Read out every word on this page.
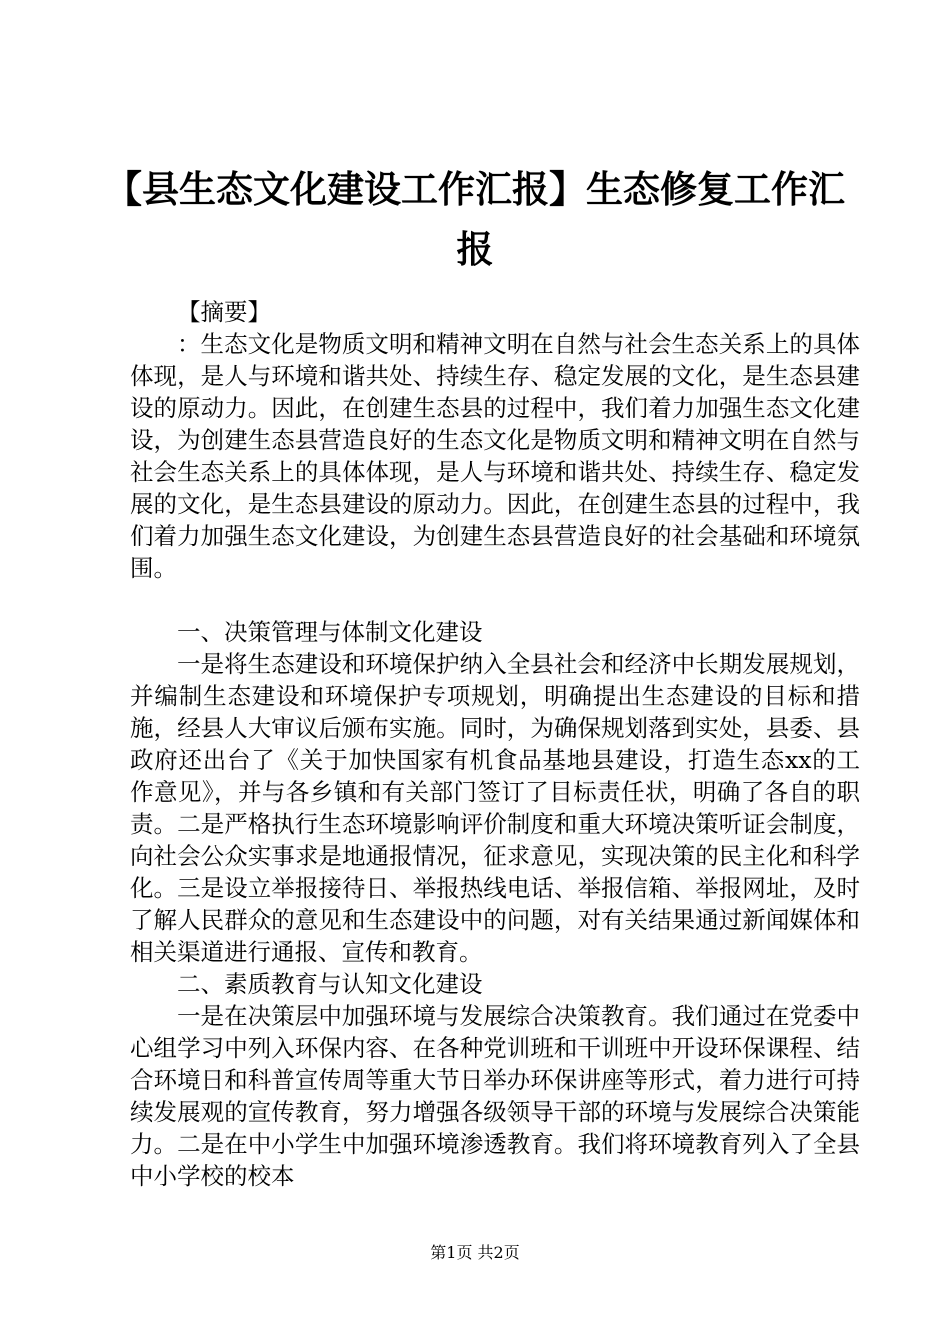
【县生态文化建设工作汇报】生态修复工作汇报

【摘要】

：生态文化是物质文明和精神文明在自然与社会生态关系上的具体体现，是人与环境和谐共处、持续生存、稳定发展的文化，是生态县建设的原动力。因此，在创建生态县的过程中，我们着力加强生态文化建设，为创建生态县营造良好的生态文化是物质文明和精神文明在自然与社会生态关系上的具体体现，是人与环境和谐共处、持续生存、稳定发展的文化，是生态县建设的原动力。因此，在创建生态县的过程中，我们着力加强生态文化建设，为创建生态县营造良好的社会基础和环境氛围。

一、决策管理与体制文化建设

一是将生态建设和环境保护纳入全县社会和经济中长期发展规划，并编制生态建设和环境保护专项规划，明确提出生态建设的目标和措施，经县人大审议后颁布实施。同时，为确保规划落到实处，县委、县政府还出台了《关于加快国家有机食品基地县建设，打造生态xx的工作意见》，并与各乡镇和有关部门签订了目标责任状，明确了各自的职责。二是严格执行生态环境影响评价制度和重大环境决策听证会制度，向社会公众实事求是地通报情况，征求意见，实现决策的民主化和科学化。三是设立举报接待日、举报热线电话、举报信箱、举报网址，及时了解人民群众的意见和生态建设中的问题，对有关结果通过新闻媒体和相关渠道进行通报、宣传和教育。

二、素质教育与认知文化建设

一是在决策层中加强环境与发展综合决策教育。我们通过在党委中心组学习中列入环保内容、在各种党训班和干训班中开设环保课程、结合环境日和科普宣传周等重大节日举办环保讲座等形式，着力进行可持续发展观的宣传教育，努力增强各级领导干部的环境与发展综合决策能力。二是在中小学生中加强环境渗透教育。我们将环境教育列入了全县中小学校的校本

第1页 共2页
